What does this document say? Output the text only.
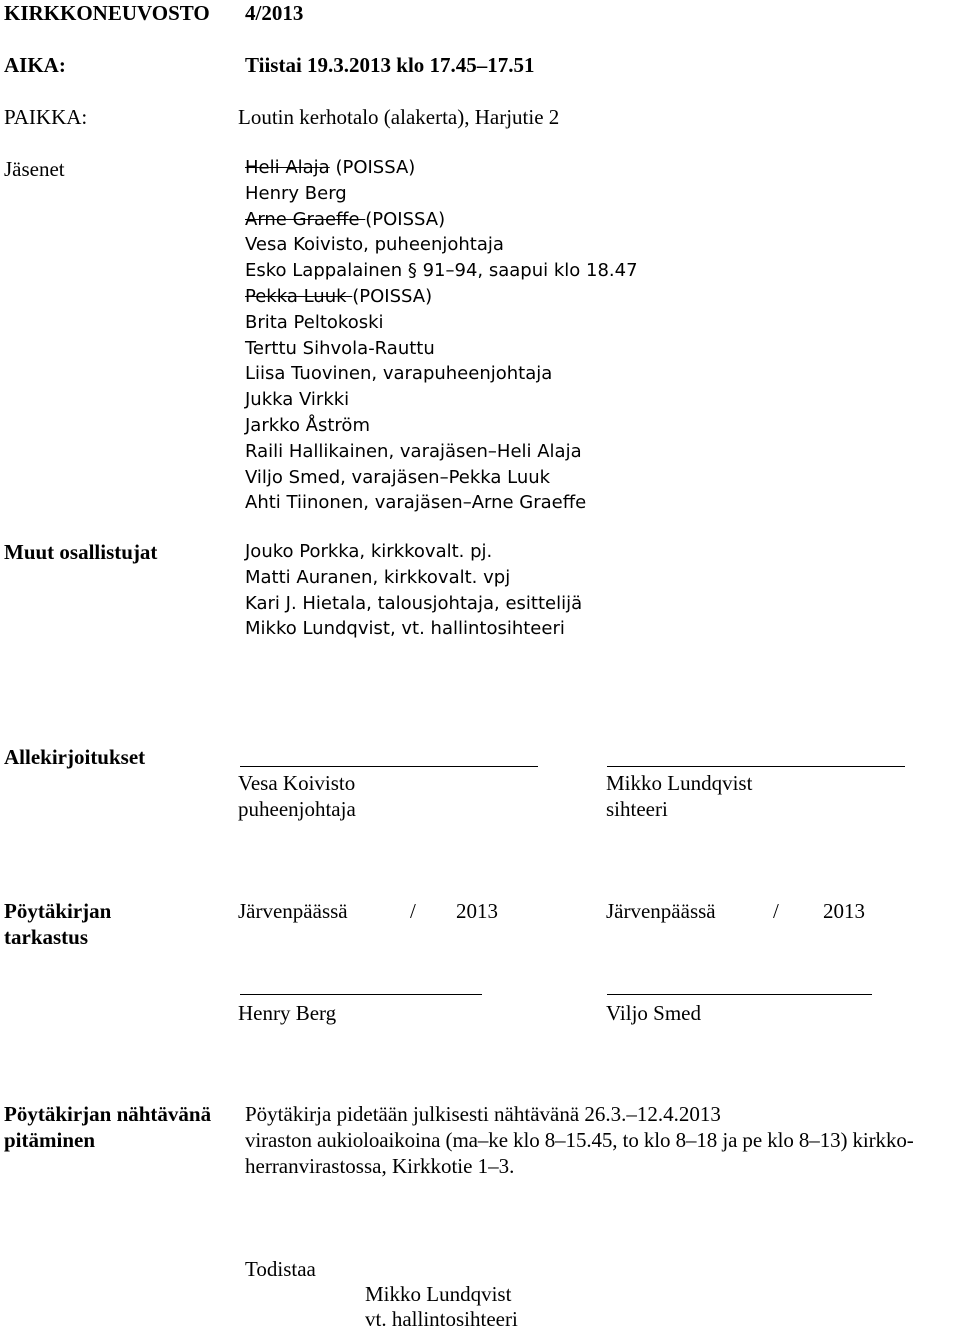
KIRKKONEUVOSTO 4/2013
AIKA:	Tiistai 19.3.2013 klo 17.45–17.51
PAIKKA:	Loutin kerhotalo (alakerta), Harjutie 2
Jäsenet	Heli Alaja (POISSA)
Henry Berg
Arne Graeffe (POISSA)
Vesa Koivisto, puheenjohtaja
Esko Lappalainen § 91–94, saapui klo 18.47
Pekka Luuk (POISSA)
Brita Peltokoski
Terttu Sihvola-Rauttu
Liisa Tuovinen, varapuheenjohtaja
Jukka Virkki
Jarkko Åström
Raili Hallikainen, varajäsen–Heli Alaja
Viljo Smed, varajäsen–Pekka Luuk
Ahti Tiinonen, varajäsen–Arne Graeffe
Muut osallistujat	Jouko Porkka, kirkkovalt. pj.
Matti Auranen, kirkkovalt. vpj
Kari J. Hietala, talousjohtaja, esittelijä
Mikko Lundqvist, vt. hallintosihteeri
Allekirjoitukset
Vesa Koivisto
puheenjohtaja
Mikko Lundqvist
sihteeri
Pöytäkirjan
tarkastus
Järvenpäässä	/ 2013	Järvenpäässä	/ 2013
Henry Berg	Viljo Smed
Pöytäkirjan nähtävänä
pitäminen
Pöytäkirja pidetään julkisesti nähtävänä 26.3.–12.4.2013
viraston aukioloaikoina (ma–ke klo 8–15.45, to klo 8–18 ja pe klo 8–13) kirkko-
herranvirastossa, Kirkkotie 1–3.
Todistaa
Mikko Lundqvist
vt. hallintosihteeri
